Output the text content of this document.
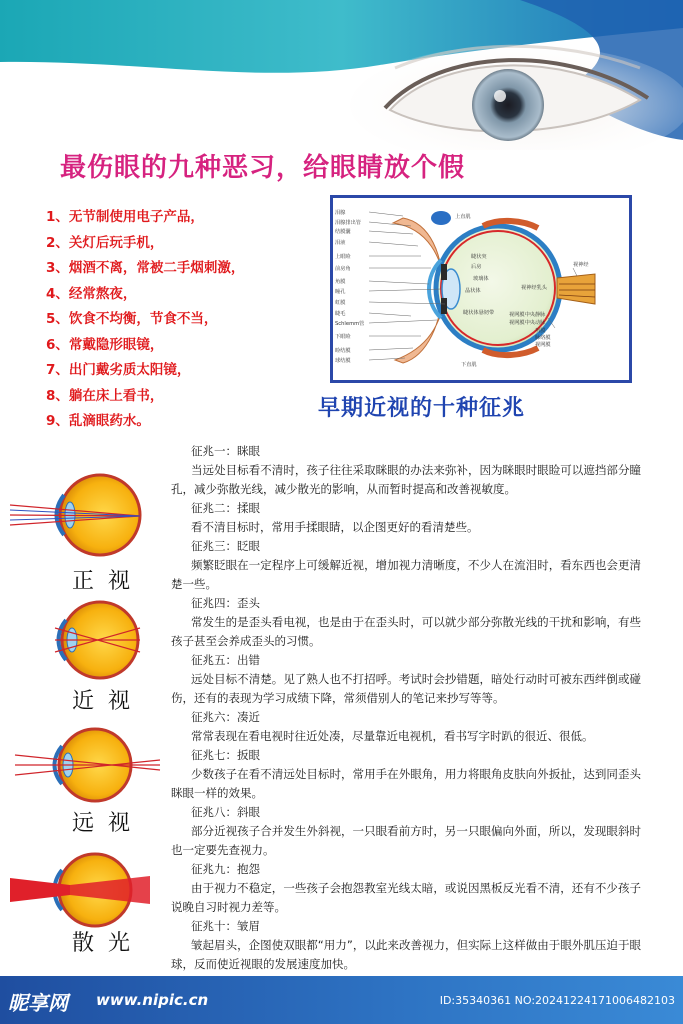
最伤眼的九种恶习，给眼睛放个假
1、无节制使用电子产品，
2、关灯后玩手机，
3、烟酒不离，常被二手烟刺激，
4、经常熬夜，
5、饮食不均衡，节食不当，
6、常戴隐形眼镜，
7、出门戴劣质太阳镜，
8、躺在床上看书，
9、乱滴眼药水。
泪腺
泪腺排出管
结膜囊
泪液
上眼睑
前房角
角膜
瞳孔
虹膜
睫毛
Schlemm管
下眼睑
睑结膜
球结膜
睫状突
后房
玻璃体
晶状体
睫状体悬韧带
上直肌
下直肌
视神经
视神经乳头
视网膜中央静脉
视网膜中央动脉
巩膜
脉络膜
视网膜
早期近视的十种征兆
征兆一：眯眼
当远处目标看不清时，孩子往往采取眯眼的办法来弥补，因为眯眼时眼睑可以遮挡部分瞳孔，减少弥散光线，减少散光的影响，从而暂时提高和改善视敏度。
征兆二：揉眼
看不清目标时，常用手揉眼睛，以企图更好的看清楚些。
征兆三：眨眼
频繁眨眼在一定程序上可缓解近视，增加视力清晰度，不少人在流泪时，看东西也会更清楚一些。
征兆四：歪头
常发生的是歪头看电视，也是由于在歪头时，可以就少部分弥散光线的干扰和影响，有些孩子甚至会养成歪头的习惯。
征兆五：出错
远处目标不清楚。见了熟人也不打招呼。考试时会抄错题，暗处行动时可被东西绊倒或碰伤，还有的表现为学习成绩下降，常须借别人的笔记来抄写等等。
征兆六：凑近
常常表现在看电视时往近处凑，尽量靠近电视机，看书写字时趴的很近、很低。
征兆七：扳眼
少数孩子在看不清远处目标时，常用手在外眼角，用力将眼角皮肤向外扳扯，达到同歪头眯眼一样的效果。
征兆八：斜眼
部分近视孩子合并发生外斜视，一只眼看前方时，另一只眼偏向外面，所以，发现眼斜时也一定要先查视力。
征兆九：抱怨
由于视力不稳定，一些孩子会抱怨教室光线太暗，或说因黑板反光看不清，还有不少孩子说晚自习时视力差等。
征兆十：皱眉
皱起眉头，企图使双眼都“用力”，以此来改善视力，但实际上这样做由于眼外肌压迫于眼球，反而使近视眼的发展速度加快。
正视
近视
远视
散光
昵享网 www.nipic.cn	ID:35340361 NO:20241224171006482103
